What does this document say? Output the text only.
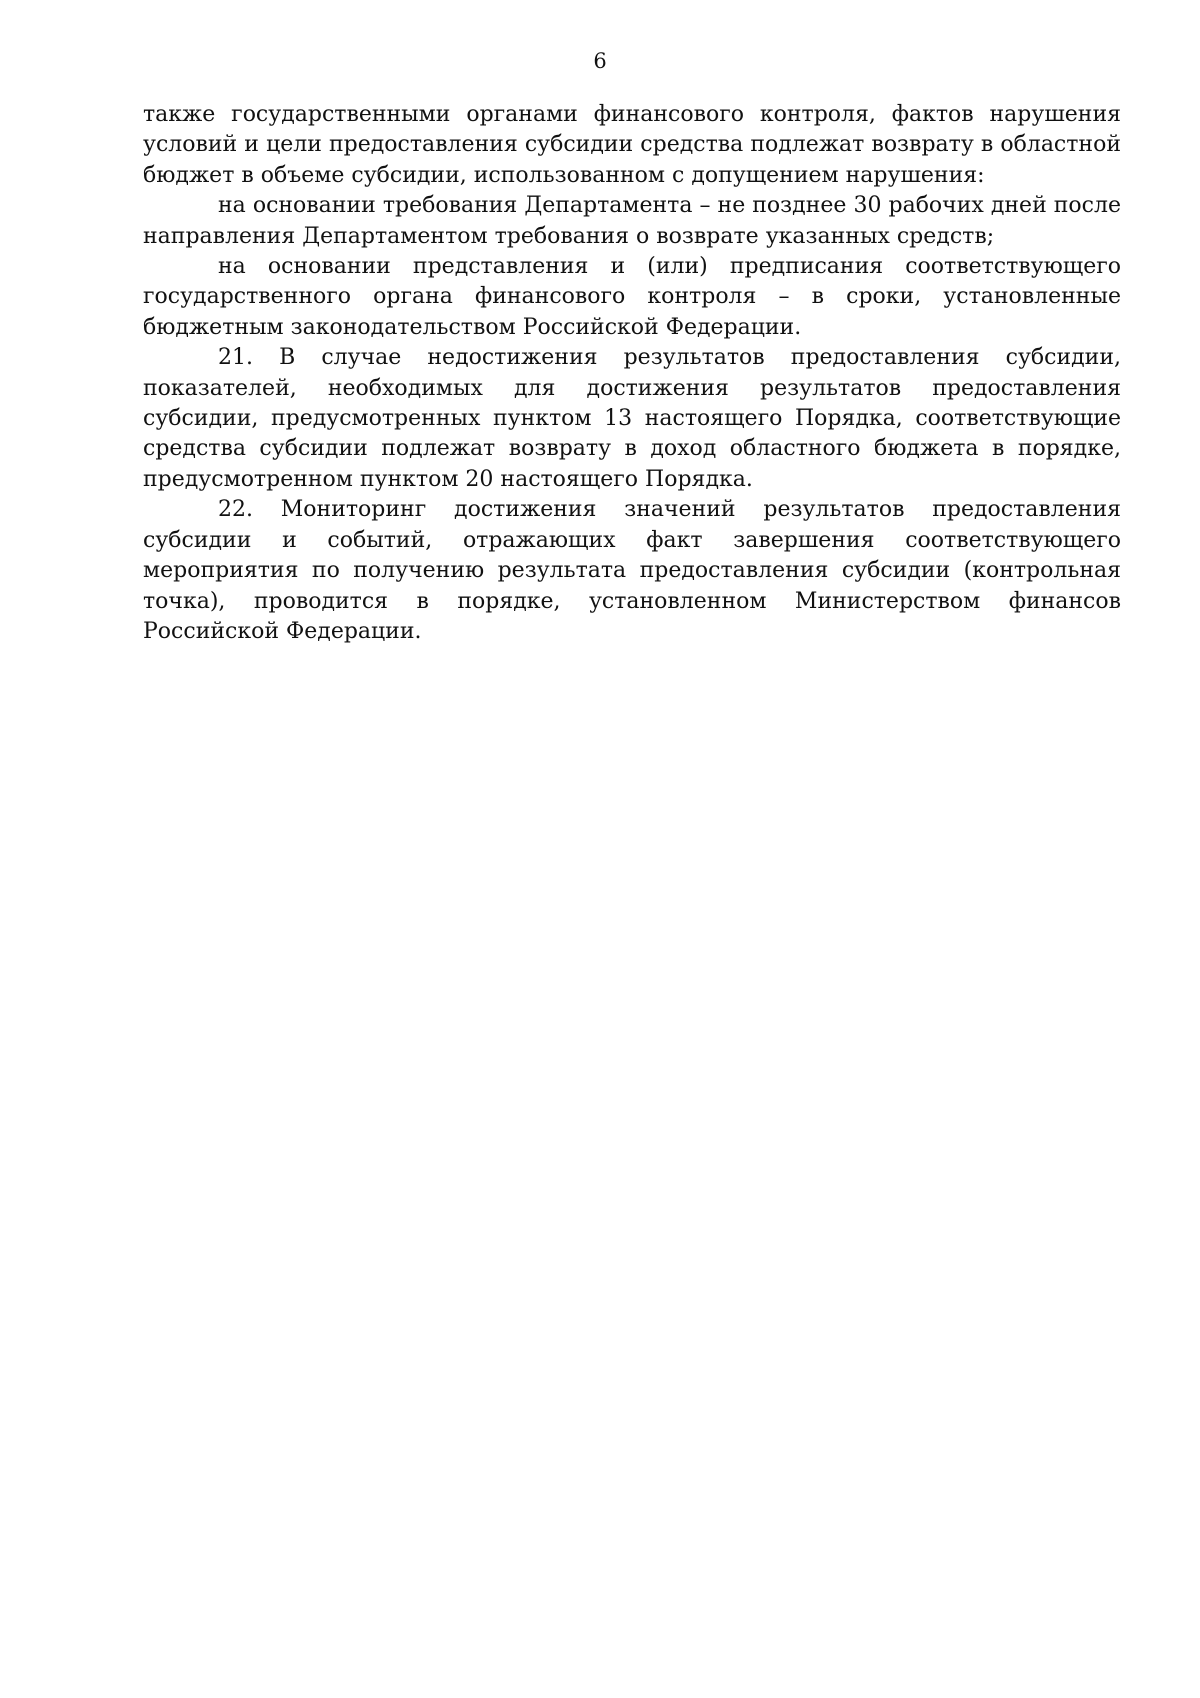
6

также государственными органами финансового контроля, фактов нарушения условий и цели предоставления субсидии средства подлежат возврату в областной бюджет в объеме субсидии, использованном с допущением нарушения:

на основании требования Департамента – не позднее 30 рабочих дней после направления Департаментом требования о возврате указанных средств;

на основании представления и (или) предписания соответствующего государственного органа финансового контроля – в сроки, установленные бюджетным законодательством Российской Федерации.

21. В случае недостижения результатов предоставления субсидии, показателей, необходимых для достижения результатов предоставления субсидии, предусмотренных пунктом 13 настоящего Порядка, соответствующие средства субсидии подлежат возврату в доход областного бюджета в порядке, предусмотренном пунктом 20 настоящего Порядка.

22. Мониторинг достижения значений результатов предоставления субсидии и событий, отражающих факт завершения соответствующего мероприятия по получению результата предоставления субсидии (контрольная точка), проводится в порядке, установленном Министерством финансов Российской Федерации.
